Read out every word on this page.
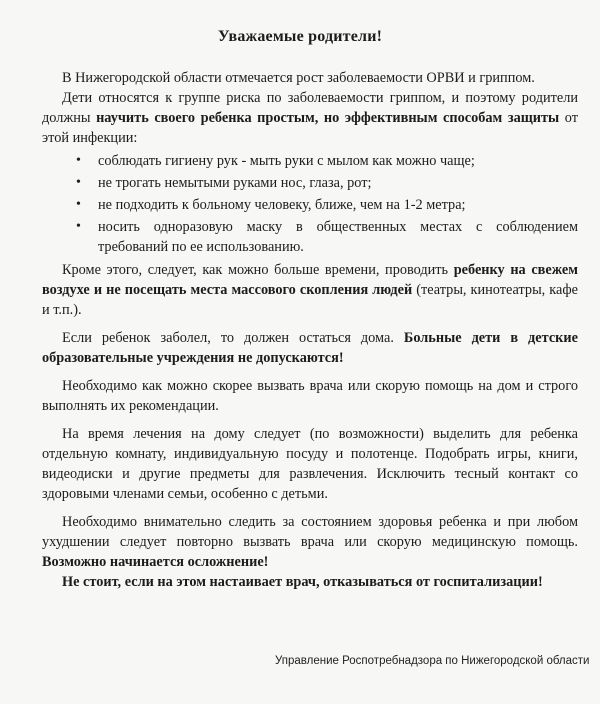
Уважаемые родители!

В Нижегородской области отмечается рост заболеваемости ОРВИ и гриппом.

Дети относятся к группе риска по заболеваемости гриппом, и поэтому родители должны научить своего ребенка простым, но эффективным способам защиты от этой инфекции:

• соблюдать гигиену рук - мыть руки с мылом как можно чаще;
• не трогать немытыми руками нос, глаза, рот;
• не подходить к больному человеку, ближе, чем на 1-2 метра;
• носить одноразовую маску в общественных местах с соблюдением требований по ее использованию.

Кроме этого, следует, как можно больше времени, проводить ребенку на свежем воздухе и не посещать места массового скопления людей (театры, кинотеатры, кафе и т.п.).

Если ребенок заболел, то должен остаться дома. Больные дети в детские образовательные учреждения не допускаются!

Необходимо как можно скорее вызвать врача или скорую помощь на дом и строго выполнять их рекомендации.

На время лечения на дому следует (по возможности) выделить для ребенка отдельную комнату, индивидуальную посуду и полотенце. Подобрать игры, книги, видеодиски и другие предметы для развлечения. Исключить тесный контакт со здоровыми членами семьи, особенно с детьми.

Необходимо внимательно следить за состоянием здоровья ребенка и при любом ухудшении следует повторно вызвать врача или скорую медицинскую помощь. Возможно начинается осложнение!

Не стоит, если на этом настаивает врач, отказываться от госпитализации!

Управление Роспотребнадзора по Нижегородской области
